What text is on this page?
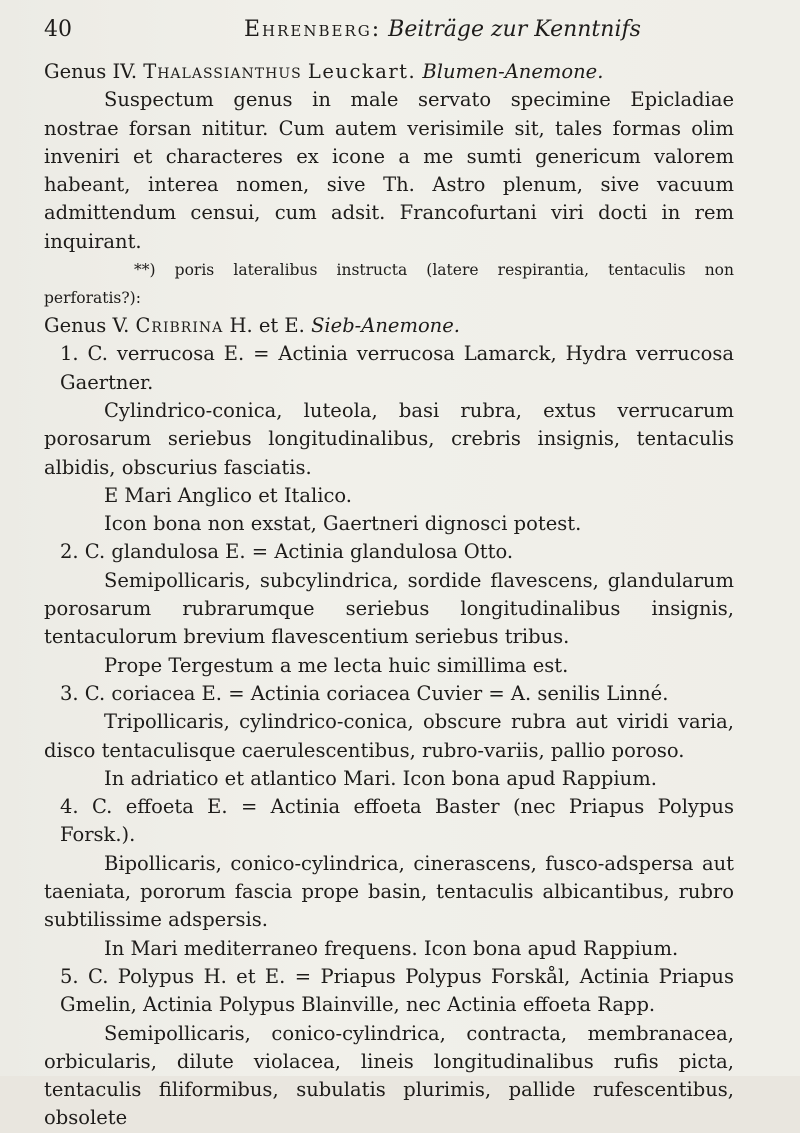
40	Ehrenberg: Beiträge zur Kenntnifs

Genus IV. Thalassianthus Leuckart. Blumen-Anemone.

Suspectum genus in male servato specimine Epicladiae nostrae forsan nititur. Cum autem verisimile sit, tales formas olim inveniri et characteres ex icone a me sumti genericum valorem habeant, interea nomen, sive Th. Astro plenum, sive vacuum admittendum censui, cum adsit. Francofurtani viri docti in rem inquirant.

**) poris lateralibus instructa (latere respirantia, tentaculis non perforatis?):

Genus V. Cribrina H. et E. Sieb-Anemone.

1. C. verrucosa E. = Actinia verrucosa Lamarck, Hydra verrucosa Gaertner.

Cylindrico-conica, luteola, basi rubra, extus verrucarum porosarum seriebus longitudinalibus, crebris insignis, tentaculis albidis, obscurius fasciatis.

E Mari Anglico et Italico.

Icon bona non exstat, Gaertneri dignosci potest.

2. C. glandulosa E. = Actinia glandulosa Otto.

Semipollicaris, subcylindrica, sordide flavescens, glandularum porosarum rubrarumque seriebus longitudinalibus insignis, tentaculorum brevium flavescentium seriebus tribus.

Prope Tergestum a me lecta huic simillima est.

3. C. coriacea E. = Actinia coriacea Cuvier = A. senilis Linné.

Tripollicaris, cylindrico-conica, obscure rubra aut viridi varia, disco tentaculisque caerulescentibus, rubro-variis, pallio poroso.

In adriatico et atlantico Mari. Icon bona apud Rappium.

4. C. effoeta E. = Actinia effoeta Baster (nec Priapus Polypus Forsk.).

Bipollicaris, conico-cylindrica, cinerascens, fusco-adspersa aut taeniata, pororum fascia prope basin, tentaculis albicantibus, rubro subtilissime adspersis.

In Mari mediterraneo frequens. Icon bona apud Rappium.

5. C. Polypus H. et E. = Priapus Polypus Forskål, Actinia Priapus Gmelin, Actinia Polypus Blainville, nec Actinia effoeta Rapp.

Semipollicaris, conico-cylindrica, contracta, membranacea, orbicularis, dilute violacea, lineis longitudinalibus rufis picta, tentaculis filiformibus, subulatis plurimis, pallide rufescentibus, obsolete
